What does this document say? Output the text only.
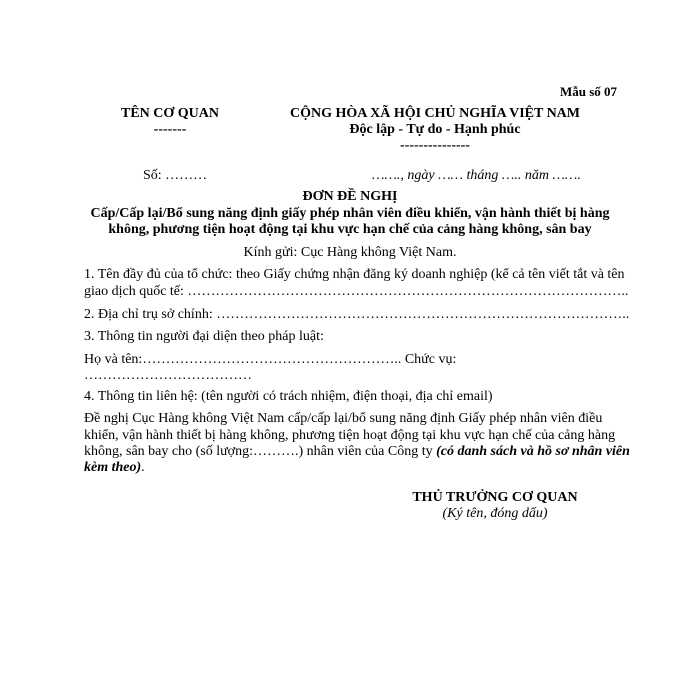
Mẫu số 07
TÊN CƠ QUAN
-------
CỘNG HÒA XÃ HỘI CHỦ NGHĨA VIỆT NAM
Độc lập - Tự do - Hạnh phúc
---------------
Số: ………	……., ngày …… tháng ….. năm …….
ĐƠN ĐỀ NGHỊ
Cấp/Cấp lại/Bổ sung năng định giấy phép nhân viên điều khiển, vận hành thiết bị hàng
không, phương tiện hoạt động tại khu vực hạn chế của cảng hàng không, sân bay
Kính gửi: Cục Hàng không Việt Nam.
1. Tên đầy đủ của tổ chức: theo Giấy chứng nhận đăng ký doanh nghiệp (kể cả tên viết tắt và tên
giao dịch quốc tế: …………………………………………………………………………………..
2. Địa chỉ trụ sở chính: ……………………………………………………………………………..
3. Thông tin người đại diện theo pháp luật:
Họ và tên:……………………………………………….. Chức vụ:
………………………………
4. Thông tin liên hệ: (tên người có trách nhiệm, điện thoại, địa chỉ email)
Đề nghị Cục Hàng không Việt Nam cấp/cấp lại/bổ sung năng định Giấy phép nhân viên điều
khiển, vận hành thiết bị hàng không, phương tiện hoạt động tại khu vực hạn chế của cảng hàng
không, sân bay cho (số lượng:……….) nhân viên của Công ty (có danh sách và hồ sơ nhân viên
kèm theo).
THỦ TRƯỞNG CƠ QUAN
(Ký tên, đóng dấu)
